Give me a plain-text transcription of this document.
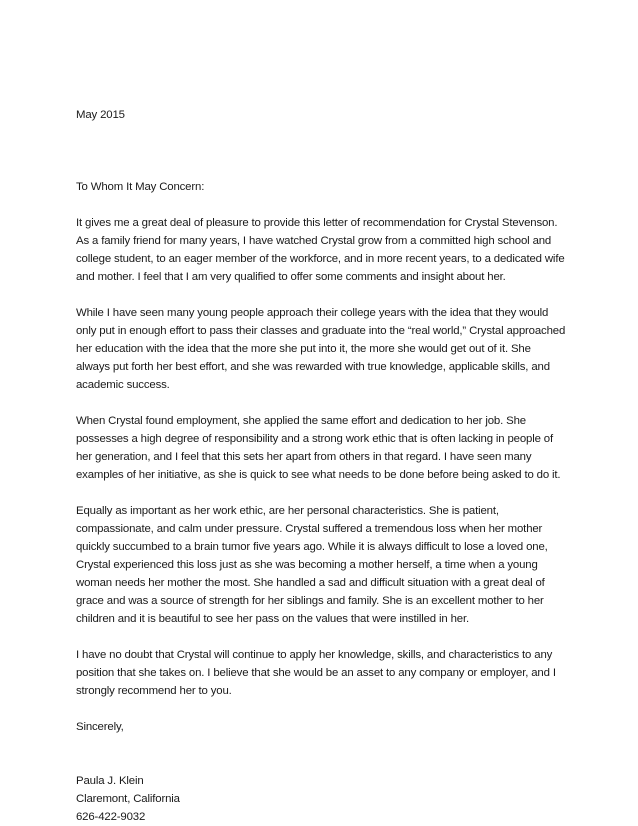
May 2015

To Whom It May Concern:

It gives me a great deal of pleasure to provide this letter of recommendation for Crystal Stevenson. As a family friend for many years, I have watched Crystal grow from a committed high school and college student, to an eager member of the workforce, and in more recent years, to a dedicated wife and mother. I feel that I am very qualified to offer some comments and insight about her.

While I have seen many young people approach their college years with the idea that they would only put in enough effort to pass their classes and graduate into the “real world,” Crystal approached her education with the idea that the more she put into it, the more she would get out of it. She always put forth her best effort, and she was rewarded with true knowledge, applicable skills, and academic success.

When Crystal found employment, she applied the same effort and dedication to her job. She possesses a high degree of responsibility and a strong work ethic that is often lacking in people of her generation, and I feel that this sets her apart from others in that regard. I have seen many examples of her initiative, as she is quick to see what needs to be done before being asked to do it.

Equally as important as her work ethic, are her personal characteristics. She is patient, compassionate, and calm under pressure. Crystal suffered a tremendous loss when her mother quickly succumbed to a brain tumor five years ago. While it is always difficult to lose a loved one, Crystal experienced this loss just as she was becoming a mother herself, a time when a young woman needs her mother the most. She handled a sad and difficult situation with a great deal of grace and was a source of strength for her siblings and family. She is an excellent mother to her children and it is beautiful to see her pass on the values that were instilled in her.

I have no doubt that Crystal will continue to apply her knowledge, skills, and characteristics to any position that she takes on. I believe that she would be an asset to any company or employer, and I strongly recommend her to you.

Sincerely,

Paula J. Klein
Claremont, California
626-422-9032
